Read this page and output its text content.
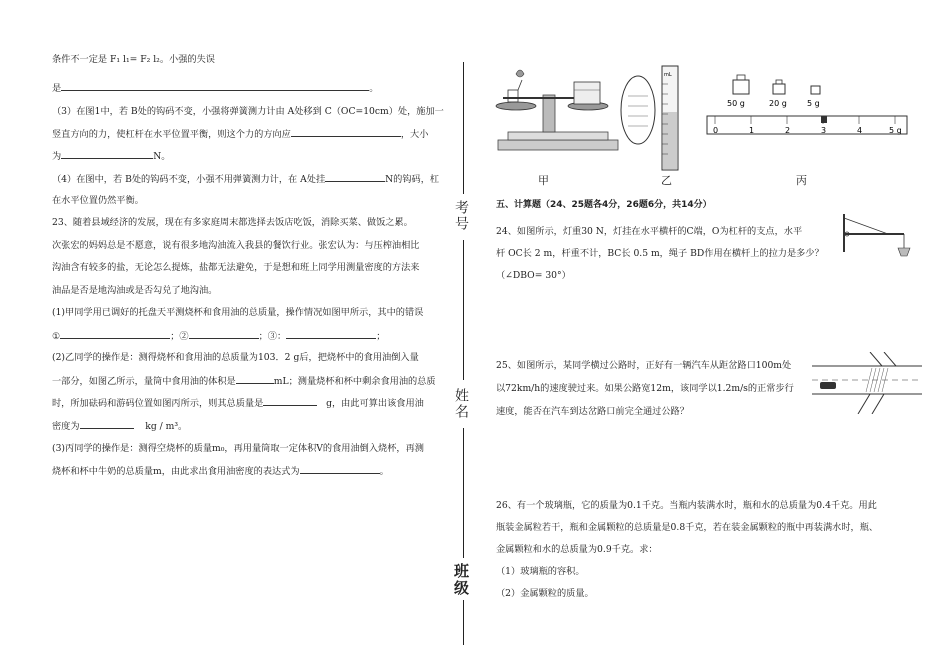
条件不一定是 F₁ l₁= F₂ l₂。小强的失误
是	。
（3）在图1中，若 B处的钩码不变，小强将弹簧测力计由 A处移到 C（OC=10cm）处，施加一
竖直方向的力，使杠杆在水平位置平衡，则这个力的方向应	，大小
为	N。
（4）在图中，若 B处的钩码不变，小强不用弹簧测力计，在 A处挂	N的钩码，杠
在水平位置仍然平衡。
23、随着县域经济的发展，现在有多家庭周末都选择去饭店吃饭，消除买菜、做饭之累。
次张宏的妈妈总是不愿意，说有很多地沟油流入我县的餐饮行业。张宏认为：与压榨油相比
沟油含有较多的盐，无论怎么提炼，盐都无法避免，于是想和班上同学用测量密度的方法来
油品是否是地沟油或是否勾兑了地沟油。
(1)甲同学用已调好的托盘天平测烧杯和食用油的总质量，操作情况如图甲所示，其中的错误
①	；②	；③：	；
(2)乙同学的操作是：测得烧杯和食用油的总质量为103．2 g后，把烧杯中的食用油倒入量
一部分，如图乙所示，量筒中食用油的体积是	mL；测量烧杯和杯中剩余食用油的总质
时，所加砝码和游码位置如图丙所示，则其总质量是	g，由此可算出该食用油
密度为	kg / m³。
(3)丙同学的操作是：测得空烧杯的质量m₀，再用量筒取一定体积V的食用油倒入烧杯，再测
烧杯和杯中牛奶的总质量m，由此求出食用油密度的表达式为	。
考号
姓名
班级
mL
50 g	20 g	5 g
0	1	2	3	4	5 g
甲	乙	丙
五、计算题（24、25题各4分，26题6分，共14分）
24、如图所示，灯重30 N，灯挂在水平横杆的C端，O为杠杆的支点，水平
杆 OC长 2 m，杆重不计，BC长 0.5 m，绳子 BD作用在横杆上的拉力是多少？
（∠DBO= 30°）
25、如图所示，某同学横过公路时，正好有一辆汽车从距岔路口100m处
以72km/h的速度驶过来。如果公路宽12m，该同学以1.2m/s的正常步行
速度，能否在汽车到达岔路口前完全通过公路？
26、有一个玻璃瓶，它的质量为0.1千克。当瓶内装满水时，瓶和水的总质量为0.4千克。用此
瓶装金属粒若干，瓶和金属颗粒的总质量是0.8千克，若在装金属颗粒的瓶中再装满水时，瓶、
金属颗粒和水的总质量为0.9千克。求：
（1）玻璃瓶的容积。
（2）金属颗粒的质量。
